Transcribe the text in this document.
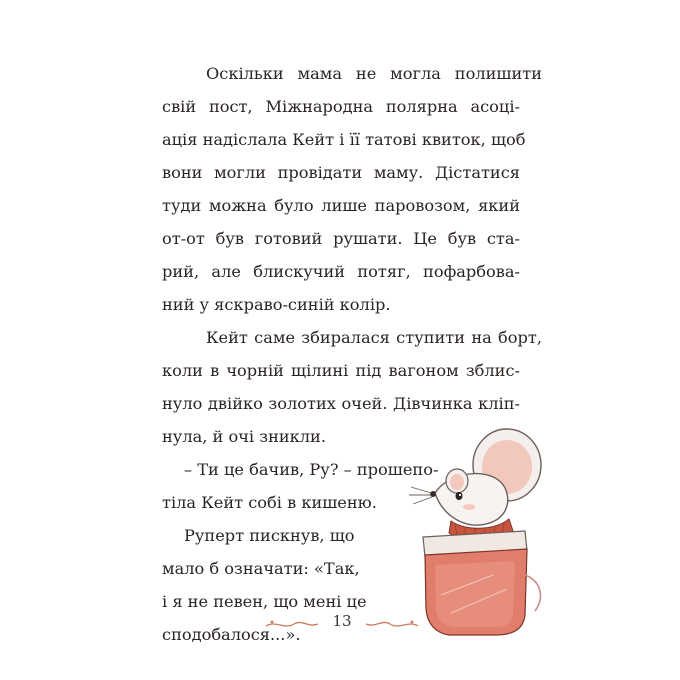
Оскільки мама не могла полишити
свій пост, Міжнародна полярна асоці-
ація надіслала Кейт і її татові квиток, щоб
вони могли провідати маму. Дістатися
туди можна було лише паровозом, який
от-от був готовий рушати. Це був ста-
рий, але блискучий потяг, пофарбова-
ний у яскраво-синій колір.
Кейт саме збиралася ступити на борт,
коли в чорній щілині під вагоном зблис-
нуло двійко золотих очей. Дівчинка кліп-
нула, й очі зникли.
– Ти це бачив, Ру? – прошепо-
тіла Кейт собі в кишеню.
Руперт пискнув, що
мало б означати: «Так,
і я не певен, що мені це
сподобалося...».
13
